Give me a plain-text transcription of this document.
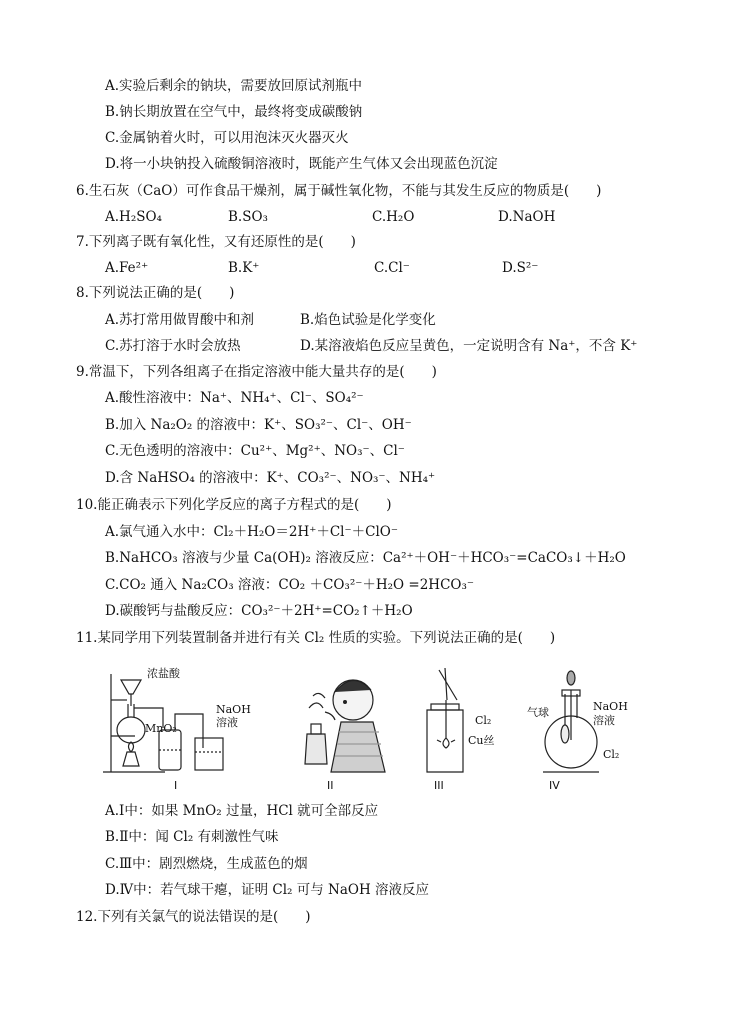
A.实验后剩余的钠块，需要放回原试剂瓶中
B.钠长期放置在空气中，最终将变成碳酸钠
C.金属钠着火时，可以用泡沫灭火器灭火
D.将一小块钠投入硫酸铜溶液时，既能产生气体又会出现蓝色沉淀
6.生石灰（CaO）可作食品干燥剂，属于碱性氧化物，不能与其发生反应的物质是(　　)
A.H₂SO₄	B.SO₃	C.H₂O	D.NaOH
7.下列离子既有氧化性，又有还原性的是(　　)
A.Fe²⁺	B.K⁺	C.Cl⁻	D.S²⁻
8.下列说法正确的是(　　)
A.苏打常用做胃酸中和剂	B.焰色试验是化学变化
C.苏打溶于水时会放热	D.某溶液焰色反应呈黄色，一定说明含有 Na⁺，不含 K⁺
9.常温下，下列各组离子在指定溶液中能大量共存的是(　　)
A.酸性溶液中：Na⁺、NH₄⁺、Cl⁻、SO₄²⁻
B.加入 Na₂O₂ 的溶液中：K⁺、SO₃²⁻、Cl⁻、OH⁻
C.无色透明的溶液中：Cu²⁺、Mg²⁺、NO₃⁻、Cl⁻
D.含 NaHSO₄ 的溶液中：K⁺、CO₃²⁻、NO₃⁻、NH₄⁺
10.能正确表示下列化学反应的离子方程式的是(　　)
A.氯气通入水中：Cl₂＋H₂O＝2H⁺＋Cl⁻＋ClO⁻
B.NaHCO₃ 溶液与少量 Ca(OH)₂ 溶液反应：Ca²⁺＋OH⁻＋HCO₃⁻=CaCO₃↓＋H₂O
C.CO₂ 通入 Na₂CO₃ 溶液：CO₂ ＋CO₃²⁻＋H₂O =2HCO₃⁻
D.碳酸钙与盐酸反应：CO₃²⁻＋2H⁺=CO₂↑＋H₂O
11.某同学用下列装置制备并进行有关 Cl₂ 性质的实验。下列说法正确的是(　　)
浓盐酸
MnO₂
NaOH
溶液	Cl₂
Cu丝
气球	NaOH
溶液
Cl₂
I	II	III	IV
A.Ⅰ中：如果 MnO₂ 过量，HCl 就可全部反应
B.Ⅱ中：闻 Cl₂ 有刺激性气味
C.Ⅲ中：剧烈燃烧，生成蓝色的烟
D.Ⅳ中：若气球干瘪，证明 Cl₂ 可与 NaOH 溶液反应
12.下列有关氯气的说法错误的是(　　)
